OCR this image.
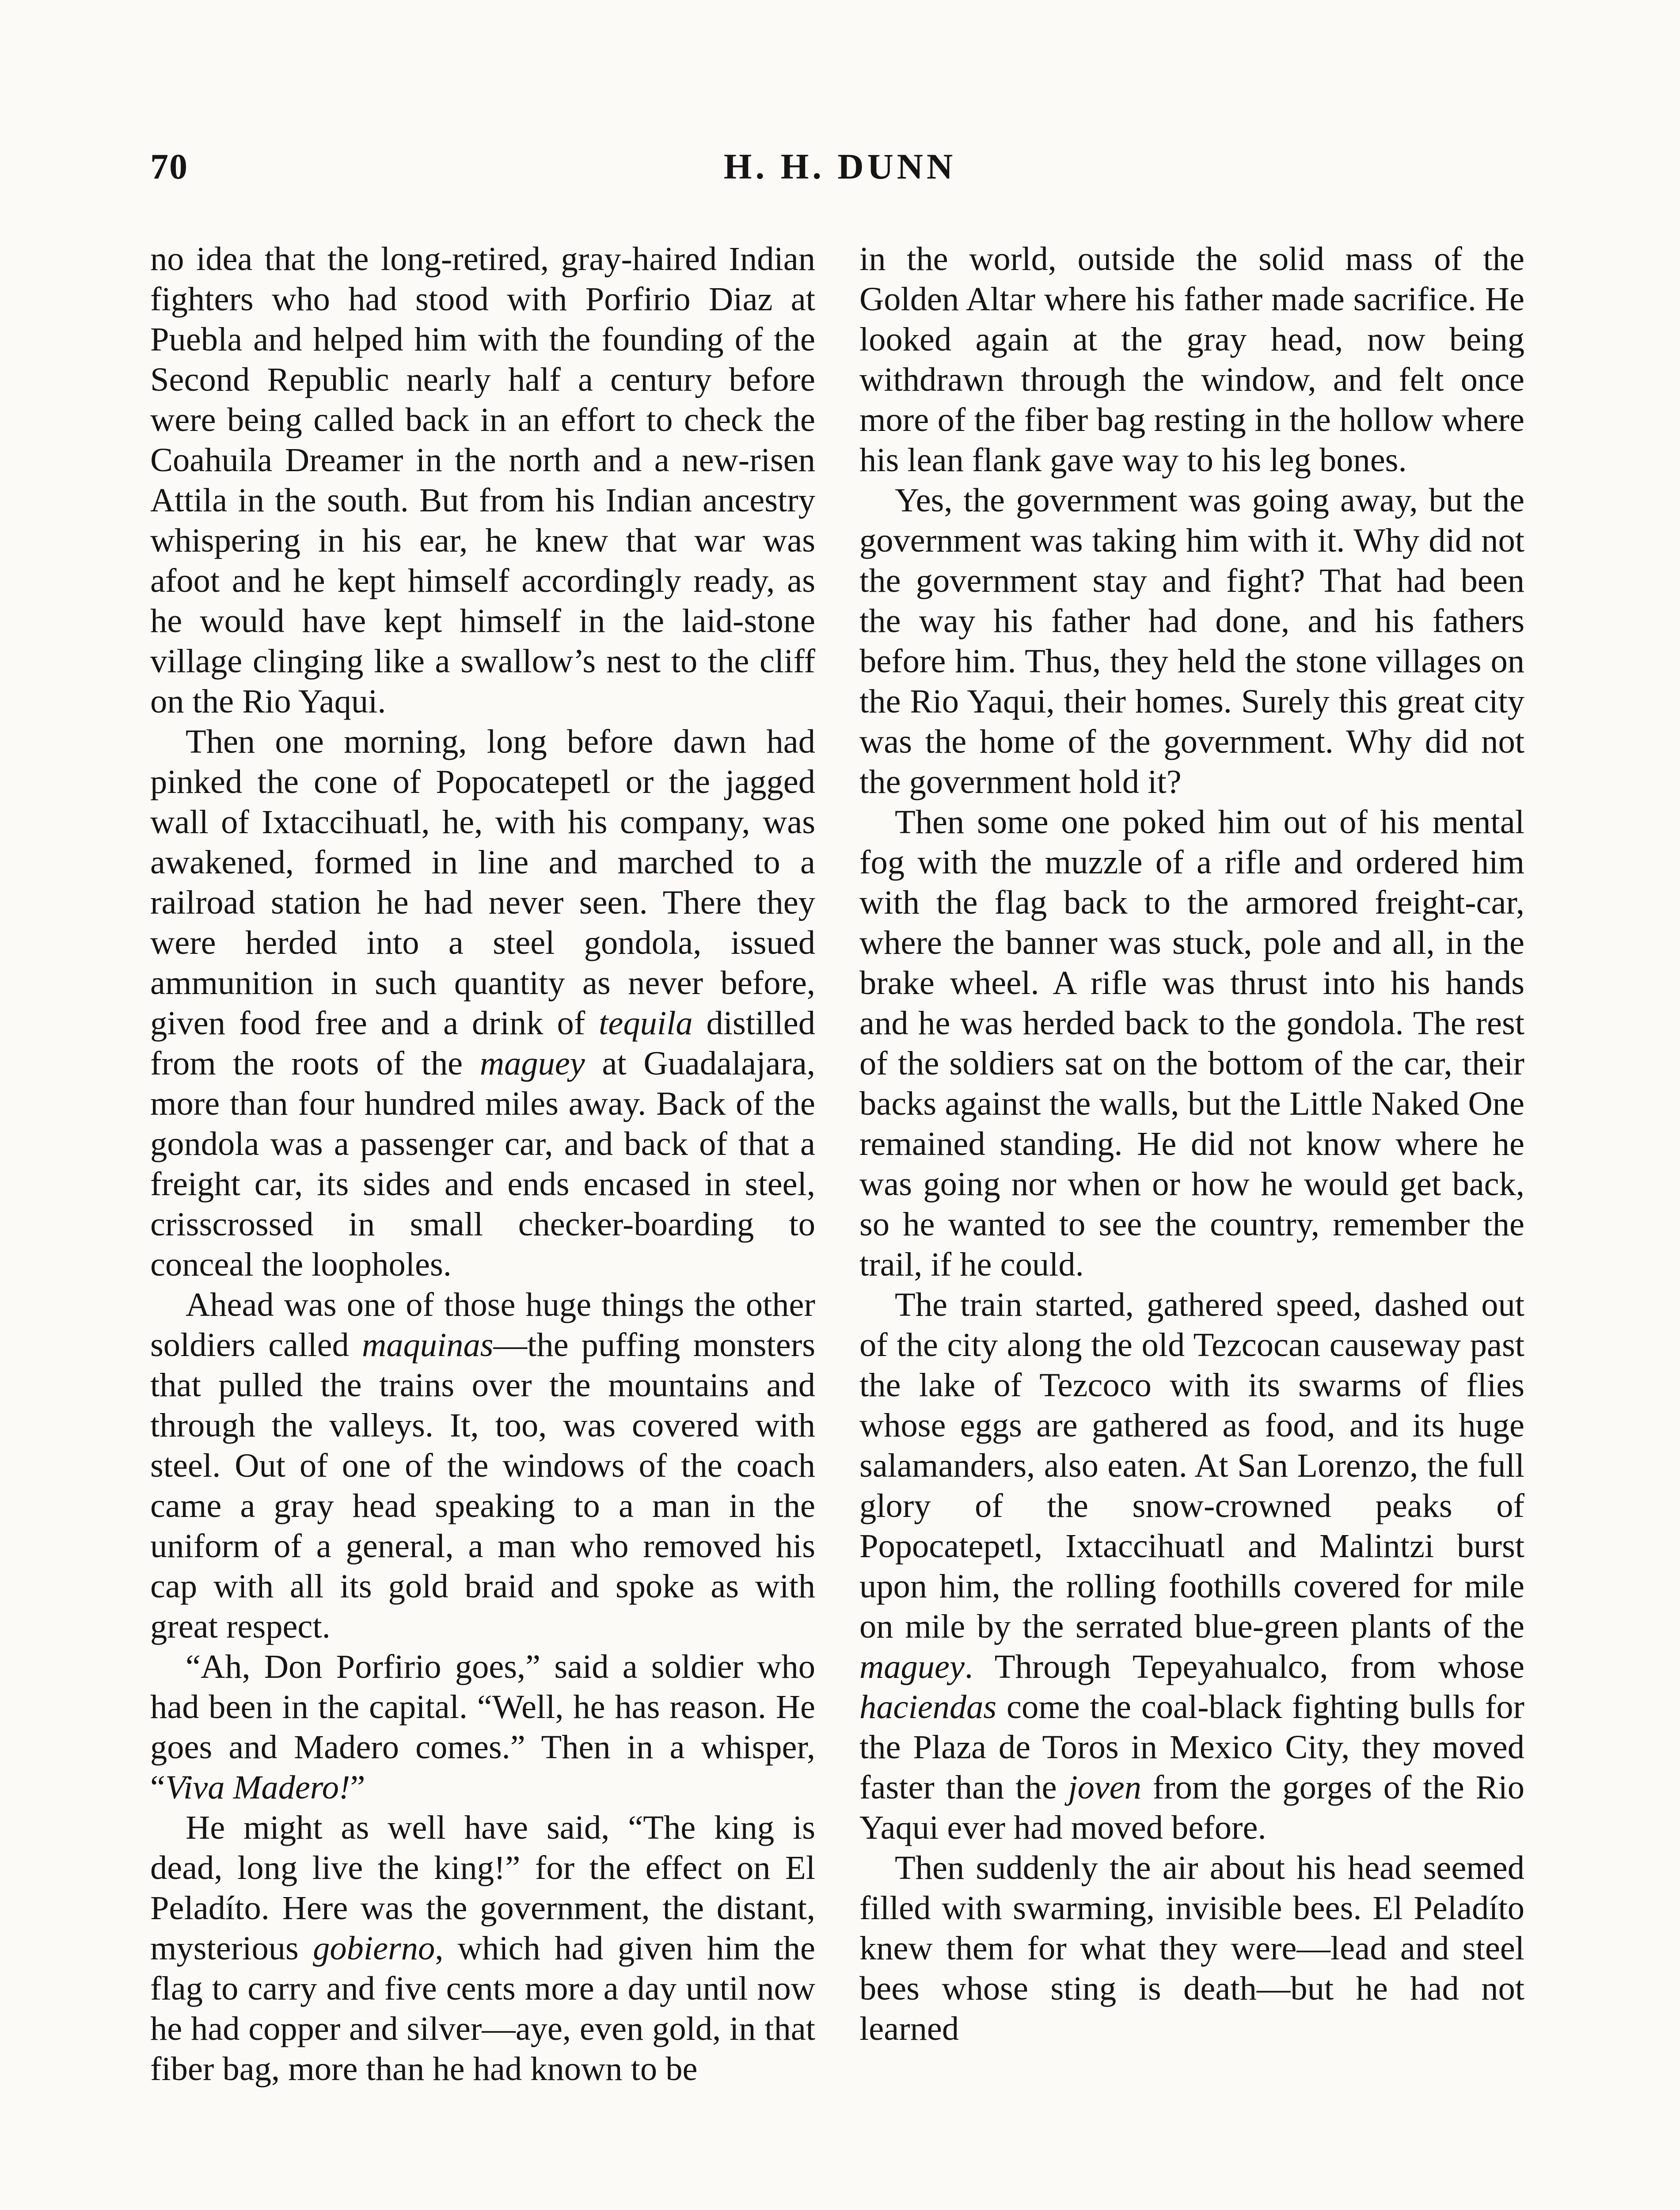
70	H. H. DUNN

no idea that the long-retired, gray-haired Indian fighters who had stood with Porfirio Diaz at Puebla and helped him with the founding of the Second Republic nearly half a century before were being called back in an effort to check the Coahuila Dreamer in the north and a new-risen Attila in the south. But from his Indian ancestry whispering in his ear, he knew that war was afoot and he kept himself accordingly ready, as he would have kept himself in the laid-stone village clinging like a swallow’s nest to the cliff on the Rio Yaqui.

Then one morning, long before dawn had pinked the cone of Popocatepetl or the jagged wall of Ixtaccihuatl, he, with his company, was awakened, formed in line and marched to a railroad station he had never seen. There they were herded into a steel gondola, issued ammunition in such quantity as never before, given food free and a drink of tequila distilled from the roots of the maguey at Guadalajara, more than four hundred miles away. Back of the gondola was a passenger car, and back of that a freight car, its sides and ends encased in steel, crisscrossed in small checker-boarding to conceal the loopholes.

Ahead was one of those huge things the other soldiers called maquinas—the puffing monsters that pulled the trains over the mountains and through the valleys. It, too, was covered with steel. Out of one of the windows of the coach came a gray head speaking to a man in the uniform of a general, a man who removed his cap with all its gold braid and spoke as with great respect.

“Ah, Don Porfirio goes,” said a soldier who had been in the capital. “Well, he has reason. He goes and Madero comes.” Then in a whisper, “Viva Madero!”

He might as well have said, “The king is dead, long live the king!” for the effect on El Peladíto. Here was the government, the distant, mysterious gobierno, which had given him the flag to carry and five cents more a day until now he had copper and silver—aye, even gold, in that fiber bag, more than he had known to be

in the world, outside the solid mass of the Golden Altar where his father made sacrifice. He looked again at the gray head, now being withdrawn through the window, and felt once more of the fiber bag resting in the hollow where his lean flank gave way to his leg bones.

Yes, the government was going away, but the government was taking him with it. Why did not the government stay and fight? That had been the way his father had done, and his fathers before him. Thus, they held the stone villages on the Rio Yaqui, their homes. Surely this great city was the home of the government. Why did not the government hold it?

Then some one poked him out of his mental fog with the muzzle of a rifle and ordered him with the flag back to the armored freight-car, where the banner was stuck, pole and all, in the brake wheel. A rifle was thrust into his hands and he was herded back to the gondola. The rest of the soldiers sat on the bottom of the car, their backs against the walls, but the Little Naked One remained standing. He did not know where he was going nor when or how he would get back, so he wanted to see the country, remember the trail, if he could.

The train started, gathered speed, dashed out of the city along the old Tezcocan causeway past the lake of Tezcoco with its swarms of flies whose eggs are gathered as food, and its huge salamanders, also eaten. At San Lorenzo, the full glory of the snow-crowned peaks of Popocatepetl, Ixtaccihuatl and Malintzi burst upon him, the rolling foothills covered for mile on mile by the serrated blue-green plants of the maguey. Through Tepeyahualco, from whose haciendas come the coal-black fighting bulls for the Plaza de Toros in Mexico City, they moved faster than the joven from the gorges of the Rio Yaqui ever had moved before.

Then suddenly the air about his head seemed filled with swarming, invisible bees. El Peladíto knew them for what they were—lead and steel bees whose sting is death—but he had not learned
